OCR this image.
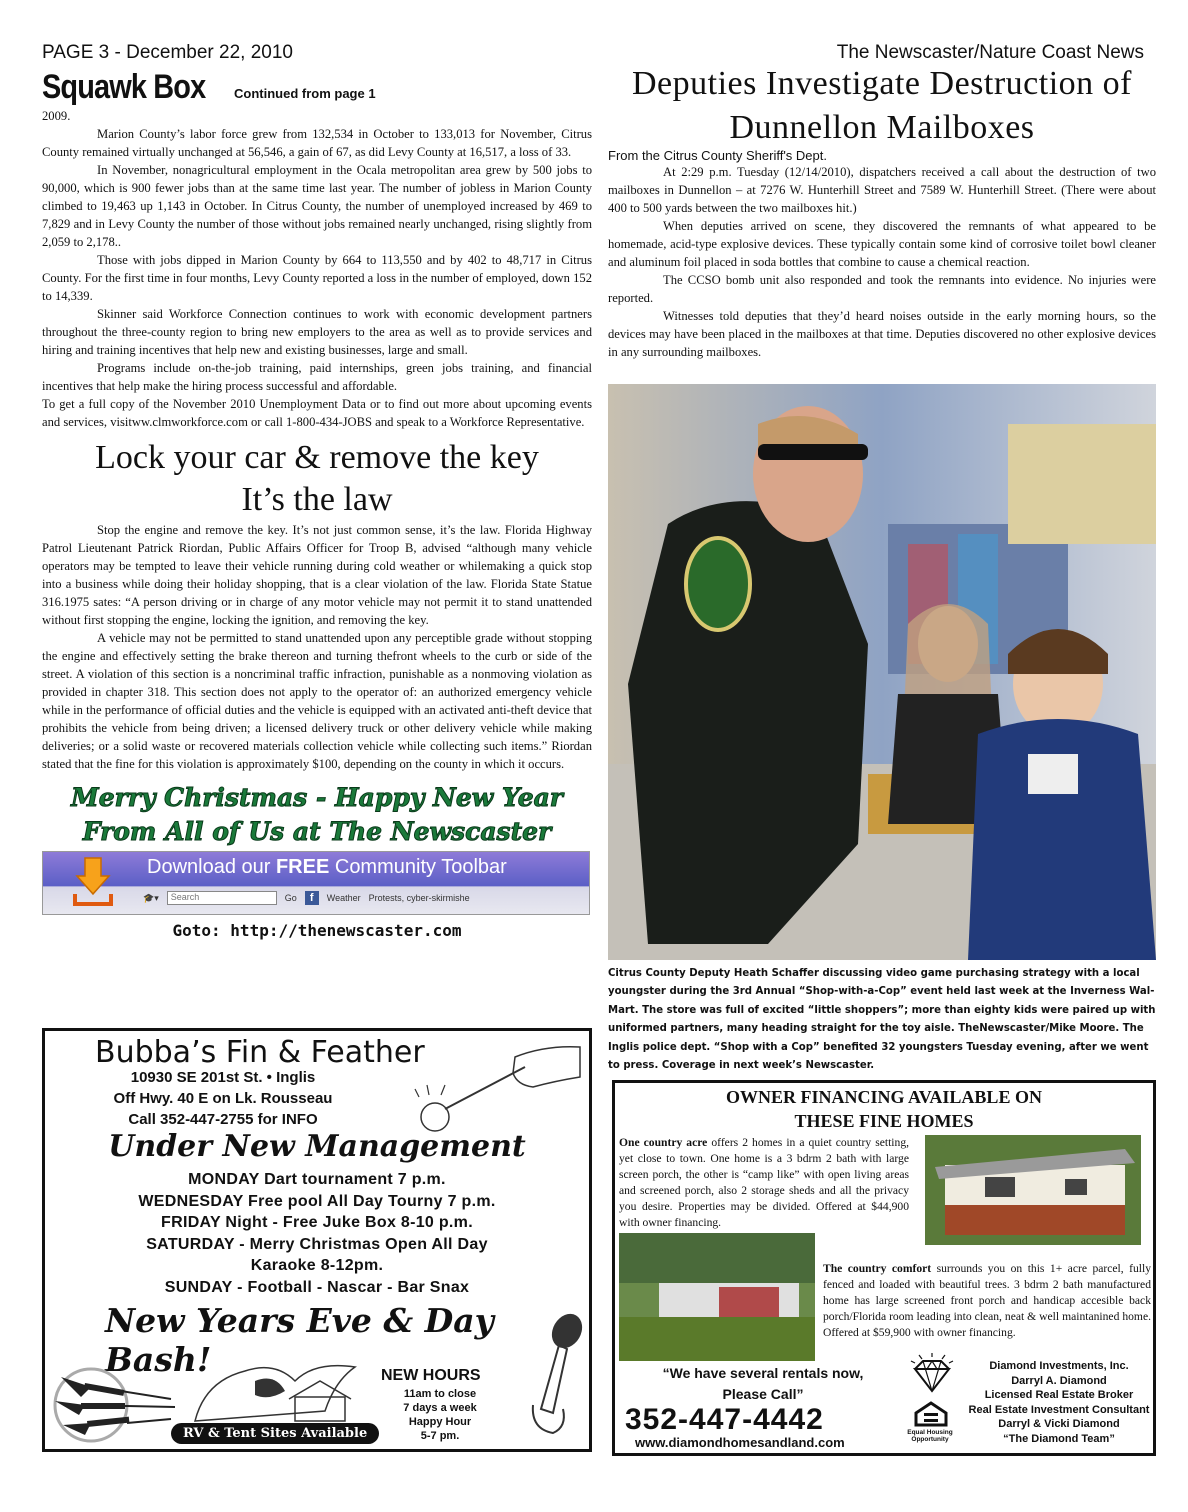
PAGE 3 - December 22, 2010	The Newscaster/Nature Coast News
Squawk Box Continued from page 1

2009.

Marion County’s labor force grew from 132,534 in October to 133,013 for November, Citrus County remained virtually unchanged at 56,546, a gain of 67, as did Levy County at 16,517, a loss of 33.

In November, nonagricultural employment in the Ocala metropolitan area grew by 500 jobs to 90,000, which is 900 fewer jobs than at the same time last year. The number of jobless in Marion County climbed to 19,463 up 1,143 in October. In Citrus County, the number of unemployed increased by 469 to 7,829 and in Levy County the number of those without jobs remained nearly unchanged, rising slightly from 2,059 to 2,178..

Those with jobs dipped in Marion County by 664 to 113,550 and by 402 to 48,717 in Citrus County. For the first time in four months, Levy County reported a loss in the number of employed, down 152 to 14,339.

Skinner said Workforce Connection continues to work with economic development partners throughout the three-county region to bring new employers to the area as well as to provide services and hiring and training incentives that help new and existing businesses, large and small.

Programs include on-the-job training, paid internships, green jobs training, and financial incentives that help make the hiring process successful and affordable.

To get a full copy of the November 2010 Unemployment Data or to find out more about upcoming events and services, visitww.clmworkforce.com or call 1-800-434-JOBS and speak to a Workforce Representative.

Lock your car & remove the key
It’s the law

Stop the engine and remove the key. It’s not just common sense, it’s the law. Florida Highway Patrol Lieutenant Patrick Riordan, Public Affairs Officer for Troop B, advised “although many vehicle operators may be tempted to leave their vehicle running during cold weather or whilemaking a quick stop into a business while doing their holiday shopping, that is a clear violation of the law. Florida State Statue 316.1975 sates: “A person driving or in charge of any motor vehicle may not permit it to stand unattended without first stopping the engine, locking the ignition, and removing the key.

A vehicle may not be permitted to stand unattended upon any perceptible grade without stopping the engine and effectively setting the brake thereon and turning thefront wheels to the curb or side of the street. A violation of this section is a noncriminal traffic infraction, punishable as a nonmoving violation as provided in chapter 318. This section does not apply to the operator of: an authorized emergency vehicle while in the performance of official duties and the vehicle is equipped with an activated anti-theft device that prohibits the vehicle from being driven; a licensed delivery truck or other delivery vehicle while making deliveries; or a solid waste or recovered materials collection vehicle while collecting such items.” Riordan stated that the fine for this violation is approximately $100, depending on the county in which it occurs.

Merry Christmas - Happy New Year
From All of Us at The Newscaster
Download our FREE Community Toolbar
🎓▾	Search	Go	f	Weather Protests, cyber-skirmishe
Goto: http://thenewscaster.com
Bubba’s Fin & Feather
10930 SE 201st St. • Inglis
Off Hwy. 40 E on Lk. Rousseau
Call 352-447-2755 for INFO
Under New Management
MONDAY Dart tournament 7 p.m.
WEDNESDAY Free pool All Day Tourny 7 p.m.
FRIDAY Night - Free Juke Box 8-10 p.m.
SATURDAY - Merry Christmas Open All Day
Karaoke 8-12pm.
SUNDAY - Football - Nascar - Bar Snax
New Years Eve & Day Bash!	NEW HOURS
11am to close
7 days a week
Happy Hour
5-7 pm.
RV & Tent Sites Available
Deputies Investigate Destruction of
Dunnellon Mailboxes
From the Citrus County Sheriff's Dept.

At 2:29 p.m. Tuesday (12/14/2010), dispatchers received a call about the destruction of two mailboxes in Dunnellon – at 7276 W. Hunterhill Street and 7589 W. Hunterhill Street. (There were about 400 to 500 yards between the two mailboxes hit.)

When deputies arrived on scene, they discovered the remnants of what appeared to be homemade, acid-type explosive devices. These typically contain some kind of corrosive toilet bowl cleaner and aluminum foil placed in soda bottles that combine to cause a chemical reaction.

The CCSO bomb unit also responded and took the remnants into evidence. No injuries were reported.

Witnesses told deputies that they’d heard noises outside in the early morning hours, so the devices may have been placed in the mailboxes at that time. Deputies discovered no other explosive devices in any surrounding mailboxes.

Citrus County Deputy Heath Schaffer discussing video game purchasing strategy with a local youngster during the 3rd Annual “Shop-with-a-Cop” event held last week at the Inverness Wal-Mart. The store was full of excited “little shoppers”; more than eighty kids were paired up with uniformed partners, many heading straight for the toy aisle. TheNewscaster/Mike Moore. The Inglis police dept. “Shop with a Cop” benefited 32 youngsters Tuesday evening, after we went to press. Coverage in next week’s Newscaster.
OWNER FINANCING AVAILABLE ON
THESE FINE HOMES
One country acre offers 2 homes in a quiet country setting, yet close to town. One home is a 3 bdrm 2 bath with large screen porch, the other is “camp like” with open living areas and screened porch, also 2 storage sheds and all the privacy you desire. Properties may be divided. Offered at $44,900 with owner financing.
The country comfort surrounds you on this 1+ acre parcel, fully fenced and loaded with beautiful trees. 3 bdrm 2 bath manufactured home has large screened front porch and handicap accesible back porch/Florida room leading into clean, neat & well maintanined home. Offered at $59,900 with owner financing.
“We have several rentals now,
Please Call”
352-447-4442
www.diamondhomesandland.com
Equal Housing Opportunity
Diamond Investments, Inc.
Darryl A. Diamond
Licensed Real Estate Broker
Real Estate Investment Consultant
Darryl & Vicki Diamond
“The Diamond Team”
